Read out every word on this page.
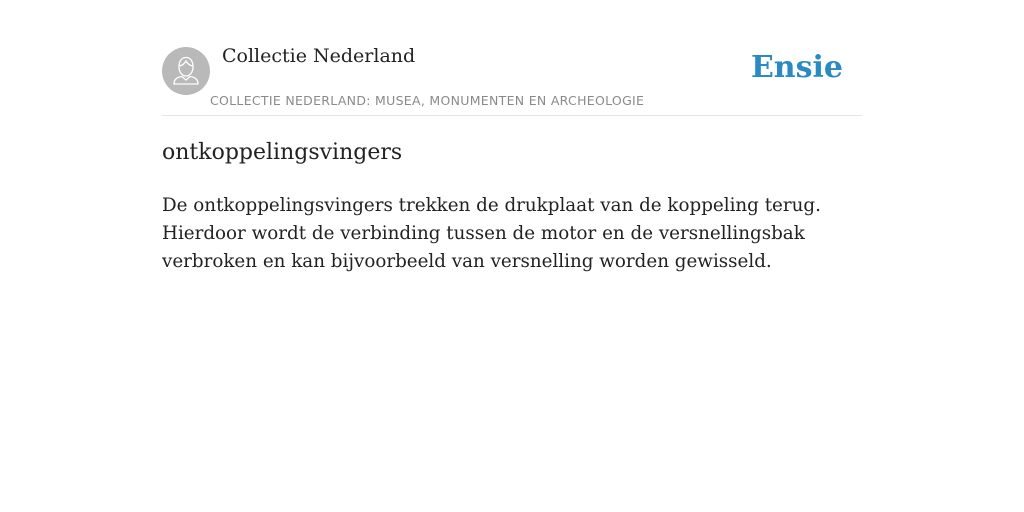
Collectie Nederland
COLLECTIE NEDERLAND: MUSEA, MONUMENTEN EN ARCHEOLOGIE
Ensie
ontkoppelingsvingers

De ontkoppelingsvingers trekken de drukplaat van de koppeling terug. Hierdoor wordt de verbinding tussen de motor en de versnellingsbak verbroken en kan bijvoorbeeld van versnelling worden gewisseld.
